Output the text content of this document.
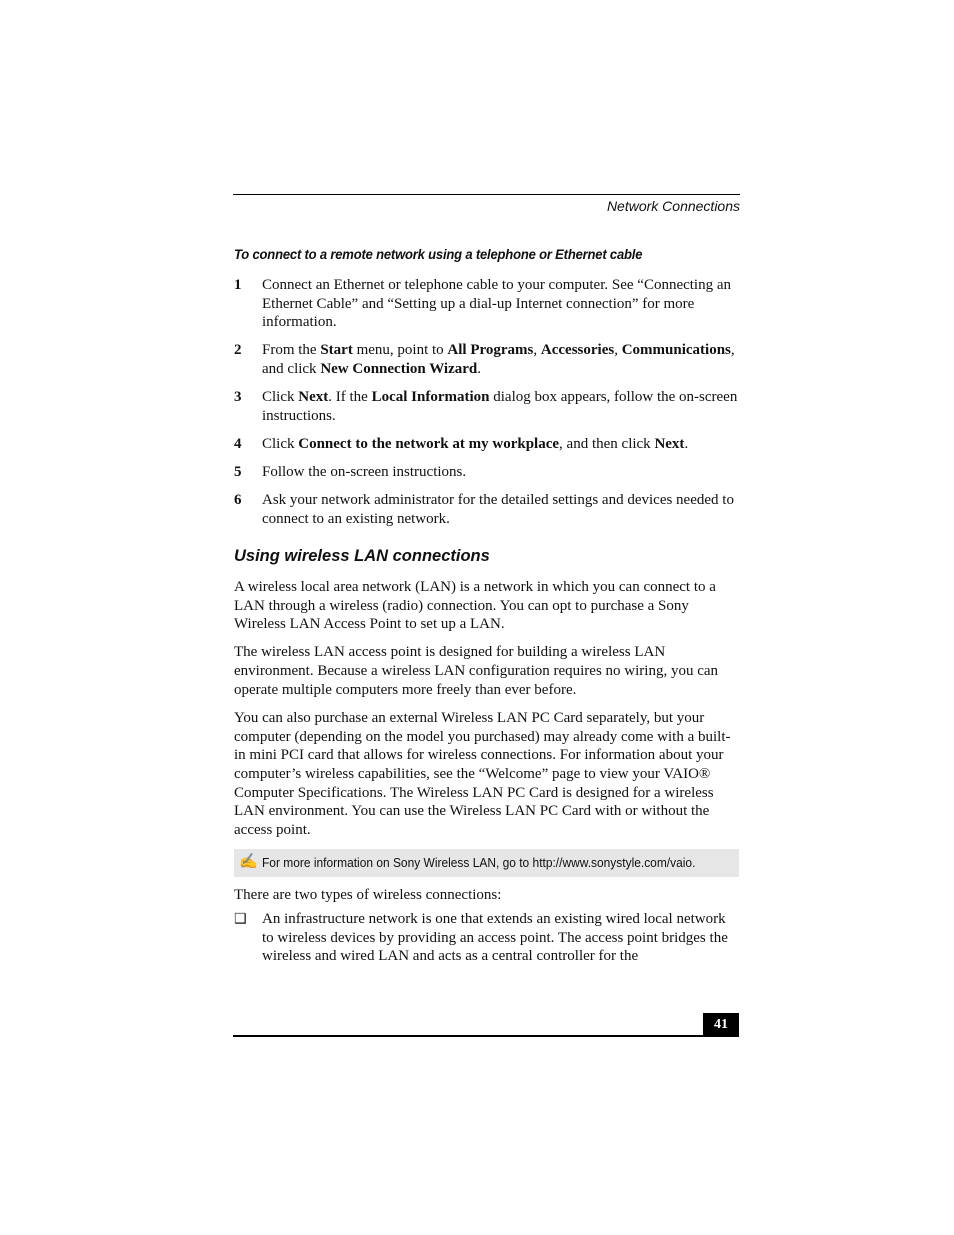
Network Connections
To connect to a remote network using a telephone or Ethernet cable
1 Connect an Ethernet or telephone cable to your computer. See “Connecting an Ethernet Cable” and “Setting up a dial-up Internet connection” for more information.
2 From the Start menu, point to All Programs, Accessories, Communications, and click New Connection Wizard.
3 Click Next. If the Local Information dialog box appears, follow the on-screen instructions.
4 Click Connect to the network at my workplace, and then click Next.
5 Follow the on-screen instructions.
6 Ask your network administrator for the detailed settings and devices needed to connect to an existing network.
Using wireless LAN connections

A wireless local area network (LAN) is a network in which you can connect to a LAN through a wireless (radio) connection. You can opt to purchase a Sony Wireless LAN Access Point to set up a LAN.

The wireless LAN access point is designed for building a wireless LAN environment. Because a wireless LAN configuration requires no wiring, you can operate multiple computers more freely than ever before.

You can also purchase an external Wireless LAN PC Card separately, but your computer (depending on the model you purchased) may already come with a built-in mini PCI card that allows for wireless connections. For information about your computer’s wireless capabilities, see the “Welcome” page to view your VAIO® Computer Specifications. The Wireless LAN PC Card is designed for a wireless LAN environment. You can use the Wireless LAN PC Card with or without the access point.

✍ For more information on Sony Wireless LAN, go to http://www.sonystyle.com/vaio.
There are two types of wireless connections:
❑ An infrastructure network is one that extends an existing wired local network to wireless devices by providing an access point. The access point bridges the wireless and wired LAN and acts as a central controller for the
41
